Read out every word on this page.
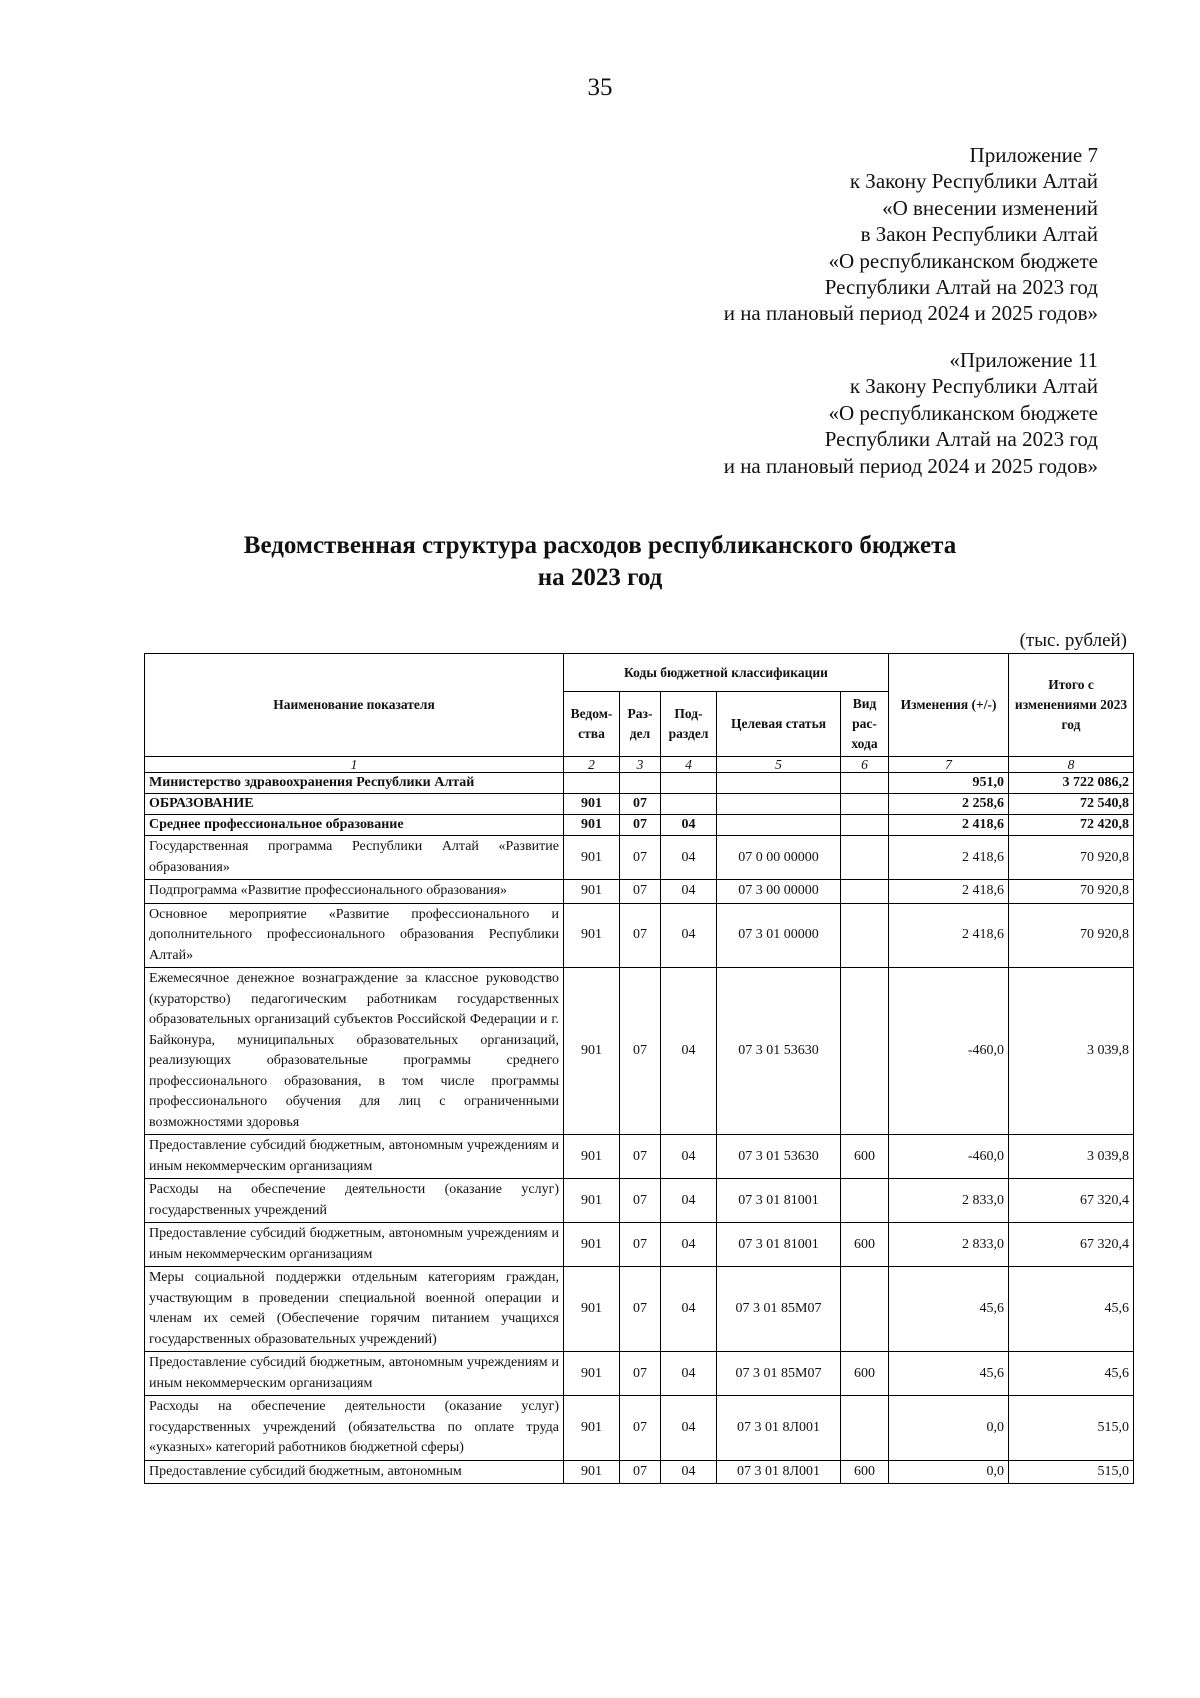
35
Приложение 7
к Закону Республики Алтай
«О внесении изменений
в Закон Республики Алтай
«О республиканском бюджете
Республики Алтай на 2023 год
и на плановый период 2024 и 2025 годов»
«Приложение 11
к Закону Республики Алтай
«О республиканском бюджете
Республики Алтай на 2023 год
и на плановый период 2024 и 2025 годов»
Ведомственная структура расходов республиканского бюджета
на 2023 год
(тыс. рублей)
Наименование показателя	Коды бюджетной классификации					Изменения (+/-)	Итого с изменениями 2023 год
	Ведом-ства	Раз-дел	Под-раздел	Целевая статья	Вид рас-хода		
1	2	3	4	5	6	7	8
Министерство здравоохранения Республики Алтай						951,0	3 722 086,2
ОБРАЗОВАНИЕ	901	07				2 258,6	72 540,8
Среднее профессиональное образование	901	07	04			2 418,6	72 420,8
Государственная программа Республики Алтай «Развитие образования»	901	07	04	07 0 00 00000		2 418,6	70 920,8
Подпрограмма «Развитие профессионального образования»	901	07	04	07 3 00 00000		2 418,6	70 920,8
Основное мероприятие «Развитие профессионального и дополнительного профессионального образования Республики Алтай»	901	07	04	07 3 01 00000		2 418,6	70 920,8
Ежемесячное денежное вознаграждение за классное руководство (кураторство) педагогическим работникам государственных образовательных организаций субъектов Российской Федерации и г. Байконура, муниципальных образовательных организаций, реализующих образовательные программы среднего профессионального образования, в том числе программы профессионального обучения для лиц с ограниченными возможностями здоровья	901	07	04	07 3 01 53630		-460,0	3 039,8
Предоставление субсидий бюджетным, автономным учреждениям и иным некоммерческим организациям	901	07	04	07 3 01 53630	600	-460,0	3 039,8
Расходы на обеспечение деятельности (оказание услуг) государственных учреждений	901	07	04	07 3 01 81001		2 833,0	67 320,4
Предоставление субсидий бюджетным, автономным учреждениям и иным некоммерческим организациям	901	07	04	07 3 01 81001	600	2 833,0	67 320,4
Меры социальной поддержки отдельным категориям граждан, участвующим в проведении специальной военной операции и членам их семей (Обеспечение горячим питанием учащихся государственных образовательных учреждений)	901	07	04	07 3 01 85М07		45,6	45,6
Предоставление субсидий бюджетным, автономным учреждениям и иным некоммерческим организациям	901	07	04	07 3 01 85М07	600	45,6	45,6
Расходы на обеспечение деятельности (оказание услуг) государственных учреждений (обязательства по оплате труда «указных» категорий работников бюджетной сферы)	901	07	04	07 3 01 8Л001		0,0	515,0
Предоставление субсидий бюджетным, автономным	901	07	04	07 3 01 8Л001	600	0,0	515,0
